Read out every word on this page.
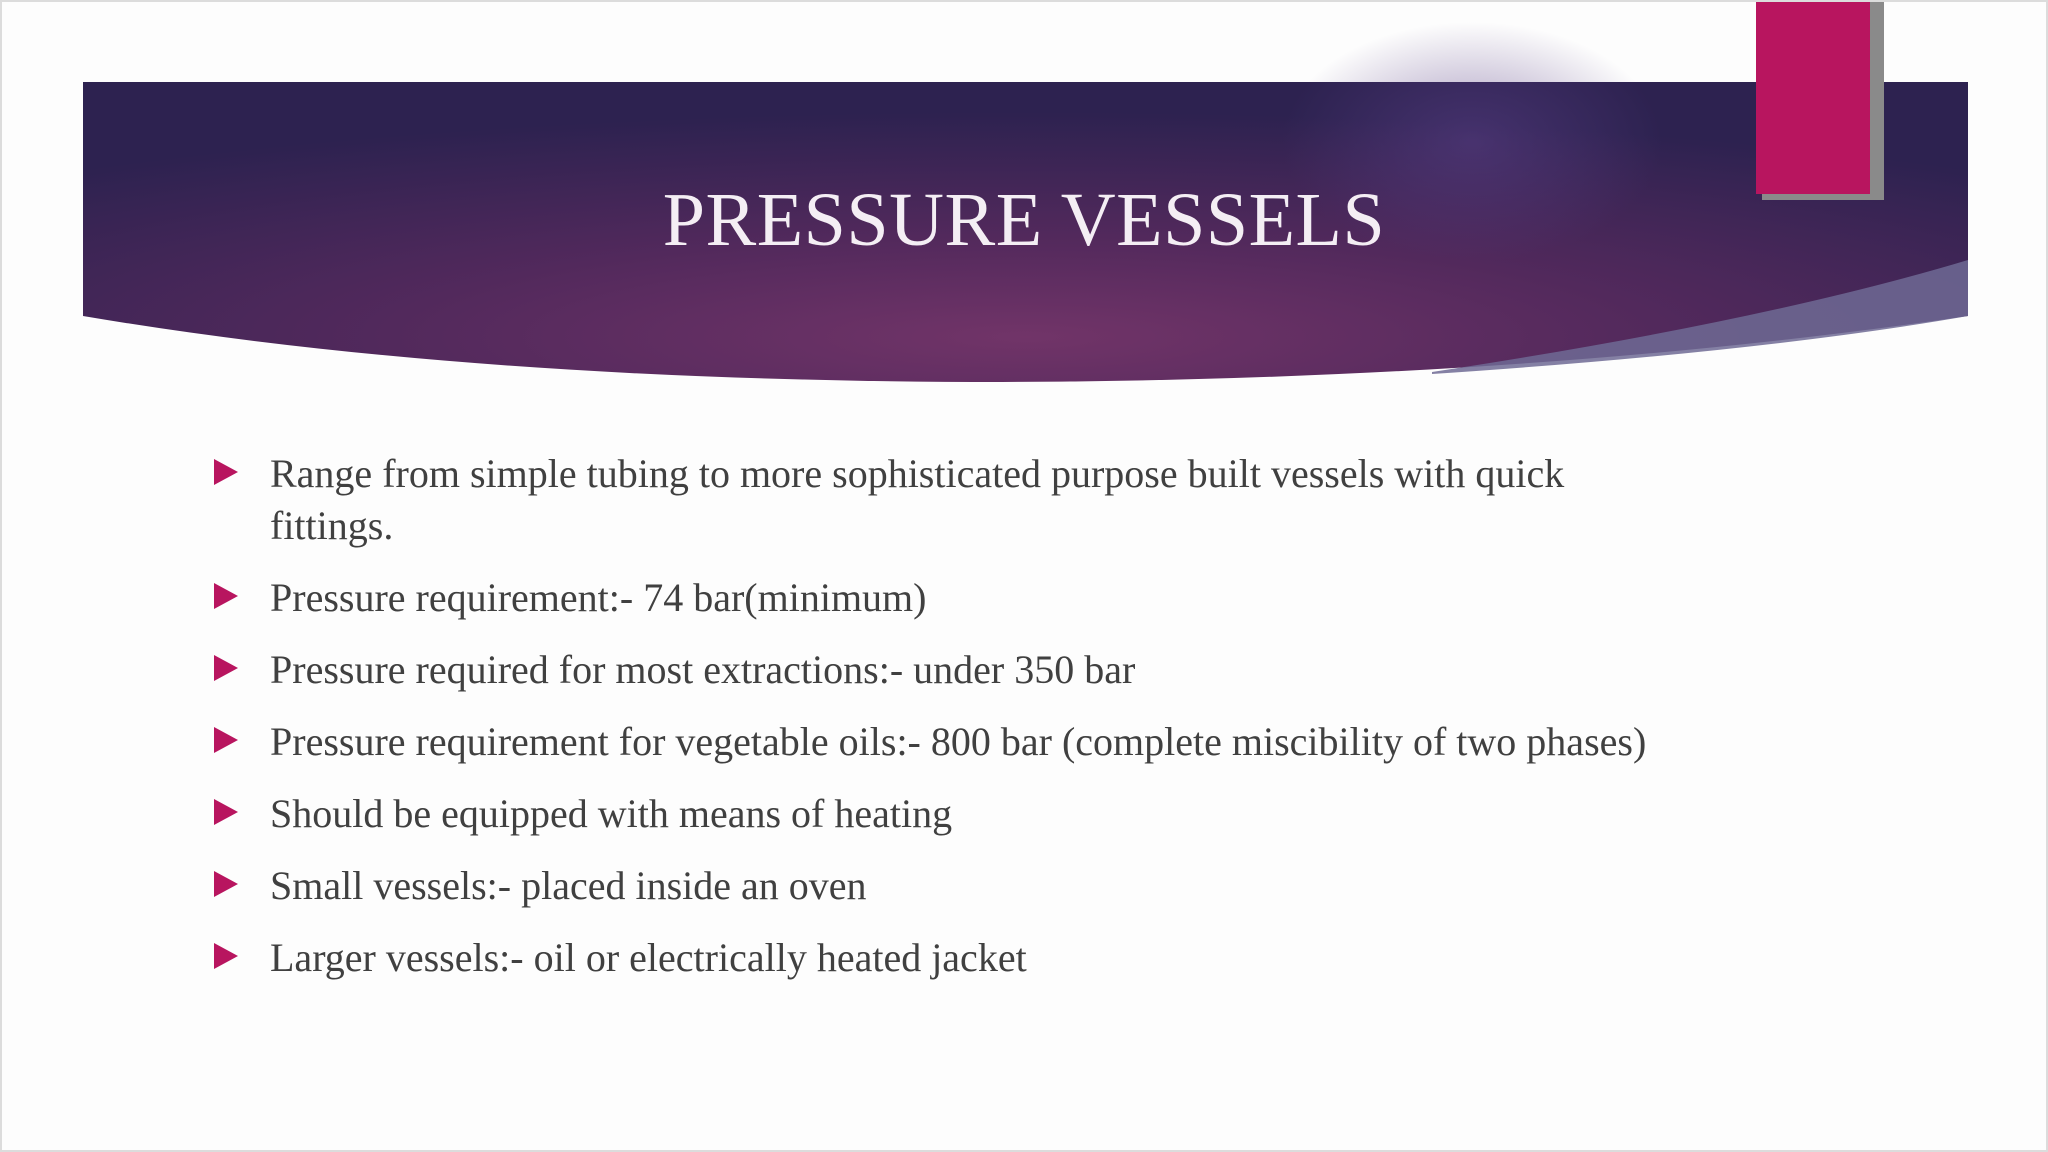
PRESSURE VESSELS
Range from simple tubing to more sophisticated purpose built vessels with quick fittings.
Pressure requirement:- 74 bar(minimum)
Pressure required for most extractions:- under 350 bar
Pressure requirement for vegetable oils:- 800 bar (complete miscibility of two phases)
Should be equipped with means of heating
Small vessels:- placed inside an oven
Larger vessels:- oil or electrically heated jacket
